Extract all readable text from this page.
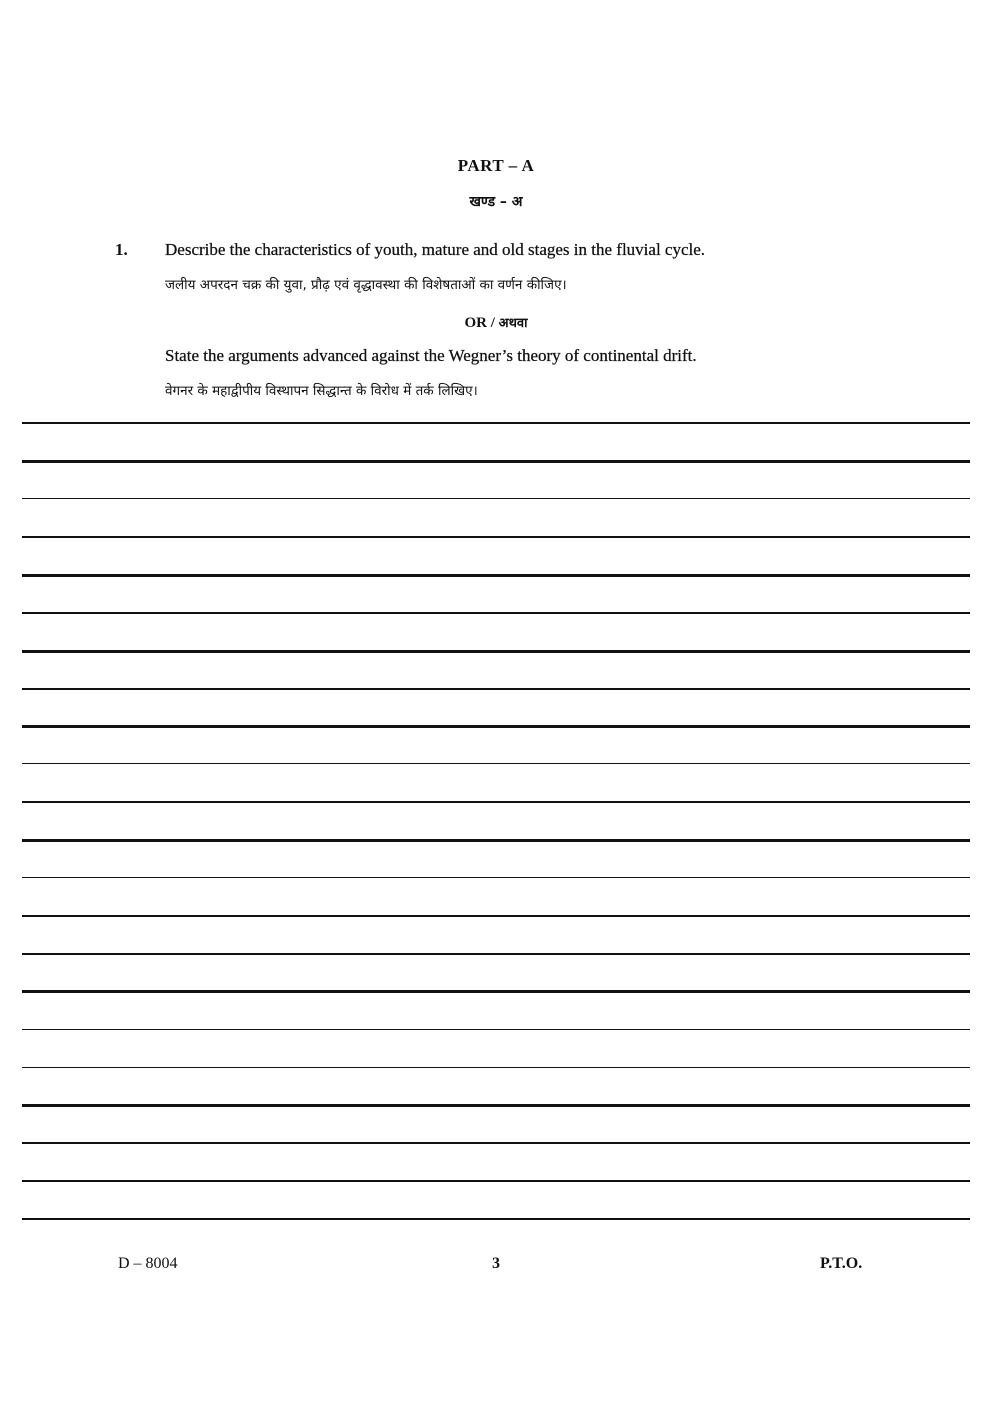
PART – A
खण्ड – अ
1. Describe the characteristics of youth, mature and old stages in the fluvial cycle.
जलीय अपरदन चक्र की युवा, प्रौढ़ एवं वृद्धावस्था की विशेषताओं का वर्णन कीजिए।
OR / अथवा
State the arguments advanced against the Wegner’s theory of continental drift.
वेगनर के महाद्वीपीय विस्थापन सिद्धान्त के विरोध में तर्क लिखिए।
D – 8004	3	P.T.O.
